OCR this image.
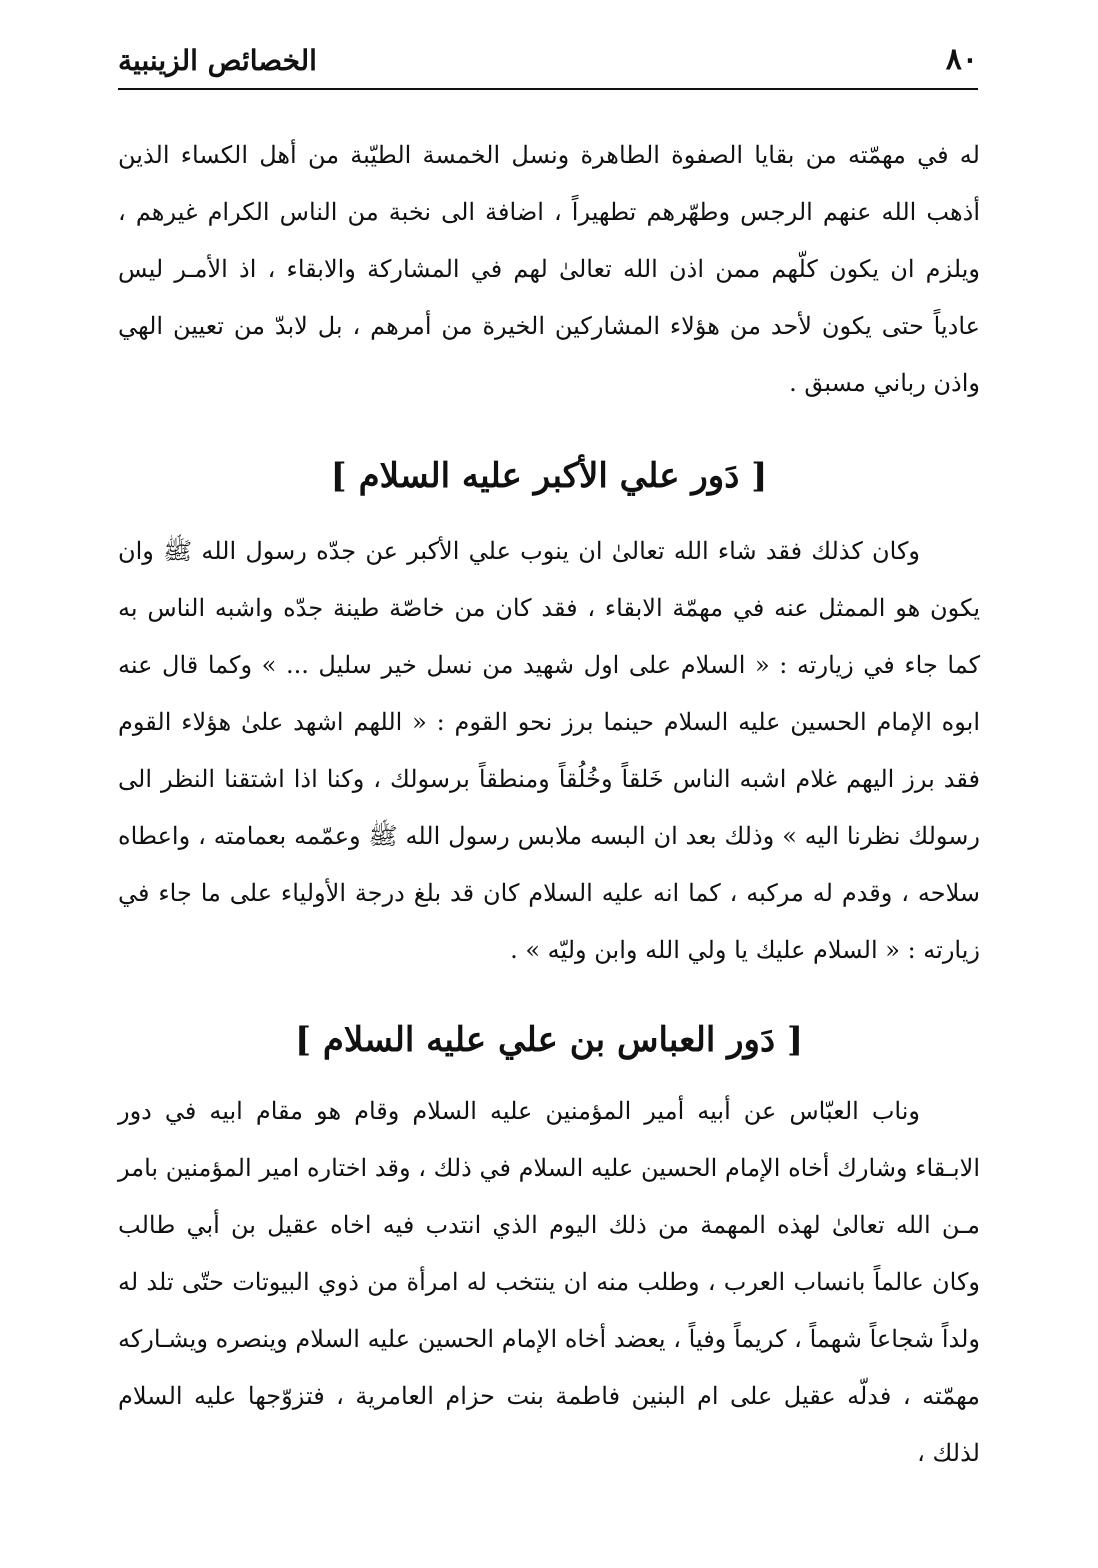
٨٠
الخصائص الزينبية

له في مهمّته من بقايا الصفوة الطاهرة ونسل الخمسة الطيّبة من أهل الكساء الذين أذهب الله عنهم الرجس وطهّرهم تطهيراً ، اضافة الى نخبة من الناس الكرام غيرهم ، ويلزم ان يكون كلّهم ممن اذن الله تعالىٰ لهم في المشاركة والابقاء ، اذ الأمـر ليس عادياً حتى يكون لأحد من هؤلاء المشاركين الخيرة من أمرهم ، بل لابدّ من تعيين الهي واذن رباني مسبق .

[ دَور علي الأكبر عليه السلام ]

وكان كذلك فقد شاء الله تعالىٰ ان ينوب علي الأكبر عن جدّه رسول الله ﷺ وان يكون هو الممثل عنه في مهمّة الابقاء ، فقد كان من خاصّة طينة جدّه واشبه الناس به كما جاء في زيارته : « السلام على اول شهيد من نسل خير سليل ... » وكما قال عنه ابوه الإمام الحسين عليه السلام حينما برز نحو القوم : « اللهم اشهد علىٰ هؤلاء القوم فقد برز اليهم غلام اشبه الناس خَلقاً وخُلُقاً ومنطقاً برسولك ، وكنا اذا اشتقنا النظر الى رسولك نظرنا اليه » وذلك بعد ان البسه ملابس رسول الله ﷺ وعمّمه بعمامته ، واعطاه سلاحه ، وقدم له مركبه ، كما انه عليه السلام كان قد بلغ درجة الأولياء على ما جاء في زيارته : « السلام عليك يا ولي الله وابن وليّه » .

[ دَور العباس بن علي عليه السلام ]

وناب العبّاس عن أبيه أمير المؤمنين عليه السلام وقام هو مقام ابيه في دور الابـقاء وشارك أخاه الإمام الحسين عليه السلام في ذلك ، وقد اختاره امير المؤمنين بامر مـن الله تعالىٰ لهذه المهمة من ذلك اليوم الذي انتدب فيه اخاه عقيل بن أبي طالب وكان عالماً بانساب العرب ، وطلب منه ان ينتخب له امرأة من ذوي البيوتات حتّى تلد له ولداً شجاعاً شهماً ، كريماً وفياً ، يعضد أخاه الإمام الحسين عليه السلام وينصره ويشـاركه مهمّته ، فدلّه عقيل على ام البنين فاطمة بنت حزام العامرية ، فتزوّجها عليه السلام لذلك ،
